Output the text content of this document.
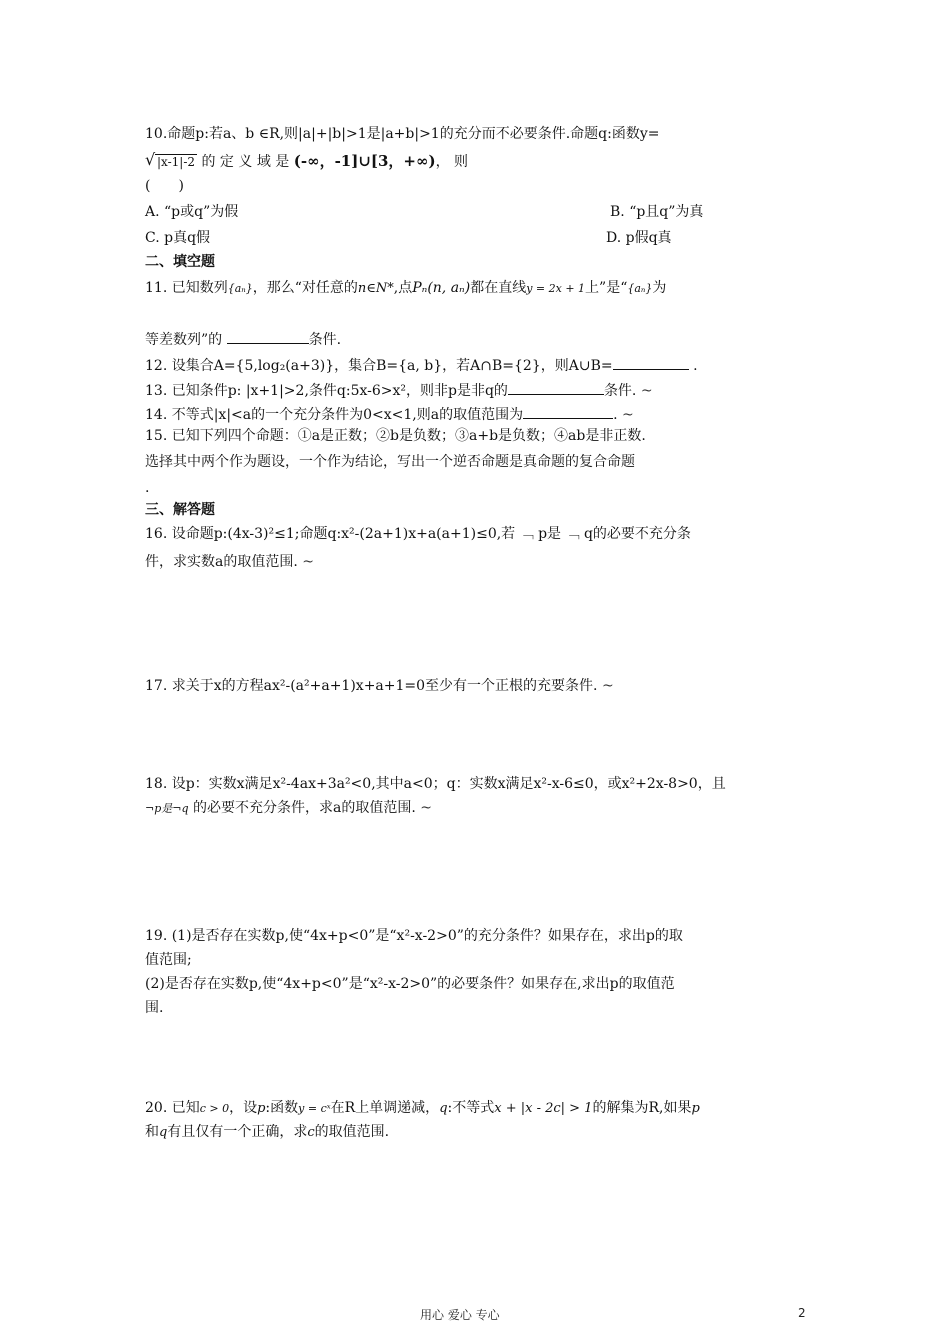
10.命题p:若a、b ∈R,则|a|+|b|>1是|a+b|>1的充分而不必要条件.命题q:函数y=
√ |x-1|-2 的 定 义 域 是 (-∞，-1]∪[3，+∞)， 则
(　　)
A. “p或q”为假	B. “p且q”为真
C. p真q假	D. p假q真
二、填空题
11. 已知数列{aₙ}，那么“对任意的n∈N*,点Pₙ(n, aₙ)都在直线y = 2x + 1上”是“{aₙ}为
等差数列”的	条件.
12. 设集合A={5,log₂(a+3)}，集合B={a, b}，若A∩B={2}，则A∪B=	.
13. 已知条件p: |x+1|>2,条件q:5x-6>x²，则非p是非q的	条件. ~
14. 不等式|x|<a的一个充分条件为0<x<1,则a的取值范围为	. ~
15. 已知下列四个命题：①a是正数；②b是负数；③a+b是负数；④ab是非正数.
选择其中两个作为题设，一个作为结论，写出一个逆否命题是真命题的复合命题
.
三、解答题
16. 设命题p:(4x-3)²≤1;命题q:x²-(2a+1)x+a(a+1)≤0,若 ﹁ p是 ﹁ q的必要不充分条
件，求实数a的取值范围. ~
17. 求关于x的方程ax²-(a²+a+1)x+a+1=0至少有一个正根的充要条件. ~
18. 设p：实数x满足x²-4ax+3a²<0,其中a<0；q：实数x满足x²-x-6≤0，或x²+2x-8>0，且
¬p是¬q 的必要不充分条件，求a的取值范围. ~
19. (1)是否存在实数p,使“4x+p<0”是“x²-x-2>0”的充分条件？如果存在，求出p的取
值范围;
(2)是否存在实数p,使“4x+p<0”是“x²-x-2>0”的必要条件？如果存在,求出p的取值范
围.
20. 已知c > 0，设p:函数y = cˣ在R上单调递减，q:不等式x + |x - 2c| > 1的解集为R,如果p
和q有且仅有一个正确，求c的取值范围.
用心 爱心 专心	2
